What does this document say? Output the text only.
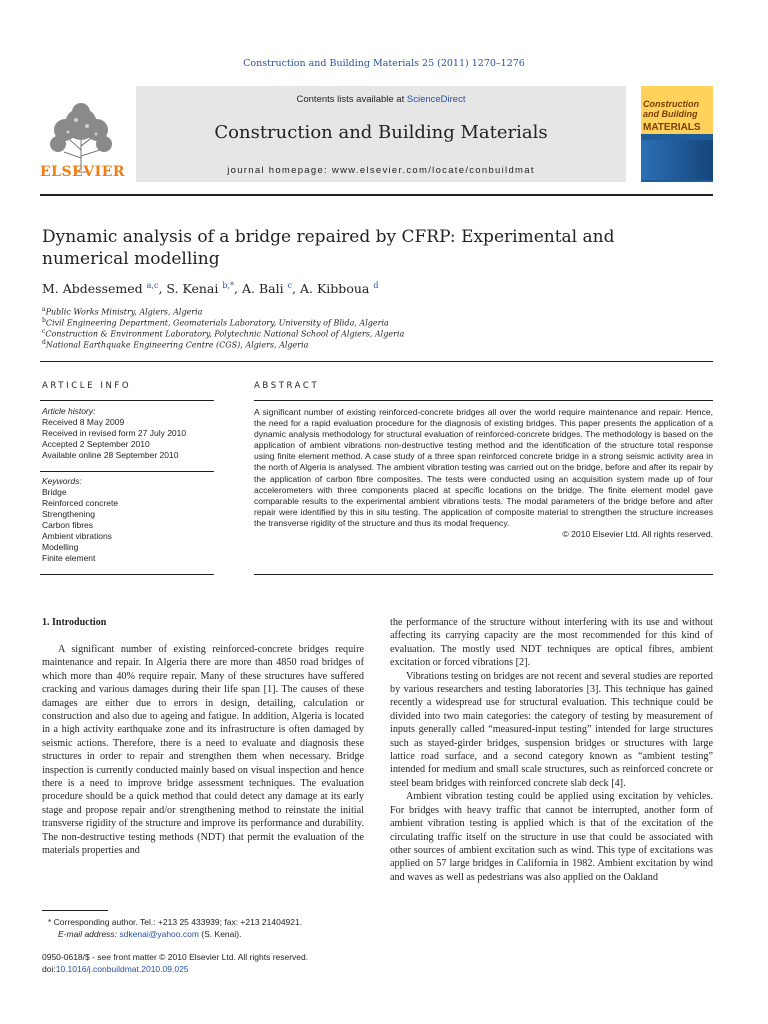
Construction and Building Materials 25 (2011) 1270–1276
ELSEVIER
Contents lists available at ScienceDirect
Construction and Building Materials
journal homepage: www.elsevier.com/locate/conbuildmat
Construction and Building
MATERIALS
Dynamic analysis of a bridge repaired by CFRP: Experimental and
numerical modelling
M. Abdessemed $^{a,c}$, S. Kenai $^{b,*}$, A. Bali $^c$, A. Kibboua $^d$
$^a$Public Works Ministry, Algiers, Algeria
$^b$Civil Engineering Department, Geomaterials Laboratory, University of Blida, Algeria
$^c$Construction & Environment Laboratory, Polytechnic National School of Algiers, Algeria
$^d$National Earthquake Engineering Centre (CGS), Algiers, Algeria
ARTICLE INFO
Article history:
Received 8 May 2009
Received in revised form 27 July 2010
Accepted 2 September 2010
Available online 28 September 2010
Keywords:
Bridge
Reinforced concrete
Strengthening
Carbon fibres
Ambient vibrations
Modelling
Finite element
ABSTRACT
A significant number of existing reinforced-concrete bridges all over the world require maintenance and repair. Hence, the need for a rapid evaluation procedure for the diagnosis of existing bridges. This paper presents the application of a dynamic analysis methodology for structural evaluation of reinforced-concrete bridges. The methodology is based on the application of ambient vibrations non-destructive testing method and the identification of the structure total response using finite element method. A case study of a three span reinforced concrete bridge in a strong seismic activity area in the north of Algeria is analysed. The ambient vibration testing was carried out on the bridge, before and after its repair by the application of carbon fibre composites. The tests were conducted using an acquisition system made up of four accelerometers with three components placed at specific locations on the bridge. The finite element model gave comparable results to the experimental ambient vibrations tests. The modal parameters of the bridge before and after repair were identified by this in situ testing. The application of composite material to strengthen the structure increases the transverse rigidity of the structure and thus its modal frequency.
© 2010 Elsevier Ltd. All rights reserved.
1. Introduction

A significant number of existing reinforced-concrete bridges require maintenance and repair. In Algeria there are more than 4850 road bridges of which more than 40% require repair. Many of these structures have suffered cracking and various damages during their life span [1]. The causes of these damages are either due to errors in design, detailing, calculation or construction and also due to ageing and fatigue. In addition, Algeria is located in a high activity earthquake zone and its infrastructure is often damaged by seismic actions. Therefore, there is a need to evaluate and diagnosis these structures in order to repair and strengthen them when necessary. Bridge inspection is currently conducted mainly based on visual inspection and hence there is a need to improve bridge assessment techniques. The evaluation procedure should be a quick method that could detect any damage at its early stage and propose repair and/or strengthening method to reinstate the initial transverse rigidity of the structure and improve its performance and durability. The non-destructive testing methods (NDT) that permit the evaluation of the materials properties and

the performance of the structure without interfering with its use and without affecting its carrying capacity are the most recommended for this kind of evaluation. The mostly used NDT techniques are optical fibres, ambient excitation or forced vibrations [2].

Vibrations testing on bridges are not recent and several studies are reported by various researchers and testing laboratories [3]. This technique has gained recently a widespread use for structural evaluation. This technique could be divided into two main categories: the category of testing by measurement of inputs generally called “measured-input testing” intended for large structures such as stayed-girder bridges, suspension bridges or structures with large lattice road surface, and a second category known as “ambient testing” intended for medium and small scale structures, such as reinforced concrete or steel beam bridges with reinforced concrete slab deck [4].

Ambient vibration testing could be applied using excitation by vehicles. For bridges with heavy traffic that cannot be interrupted, another form of ambient vibration testing is applied which is that of the excitation of the circulating traffic itself on the structure in use that could be associated with other sources of ambient excitation such as wind. This type of excitations was applied on 57 large bridges in California in 1982. Ambient excitation by wind and waves as well as pedestrians was also applied on the Oakland

* Corresponding author. Tel.: +213 25 433939; fax: +213 21404921.
E-mail address: sdkenai@yahoo.com (S. Kenai).
0950-0618/$ - see front matter © 2010 Elsevier Ltd. All rights reserved.
doi:10.1016/j.conbuildmat.2010.09.025
